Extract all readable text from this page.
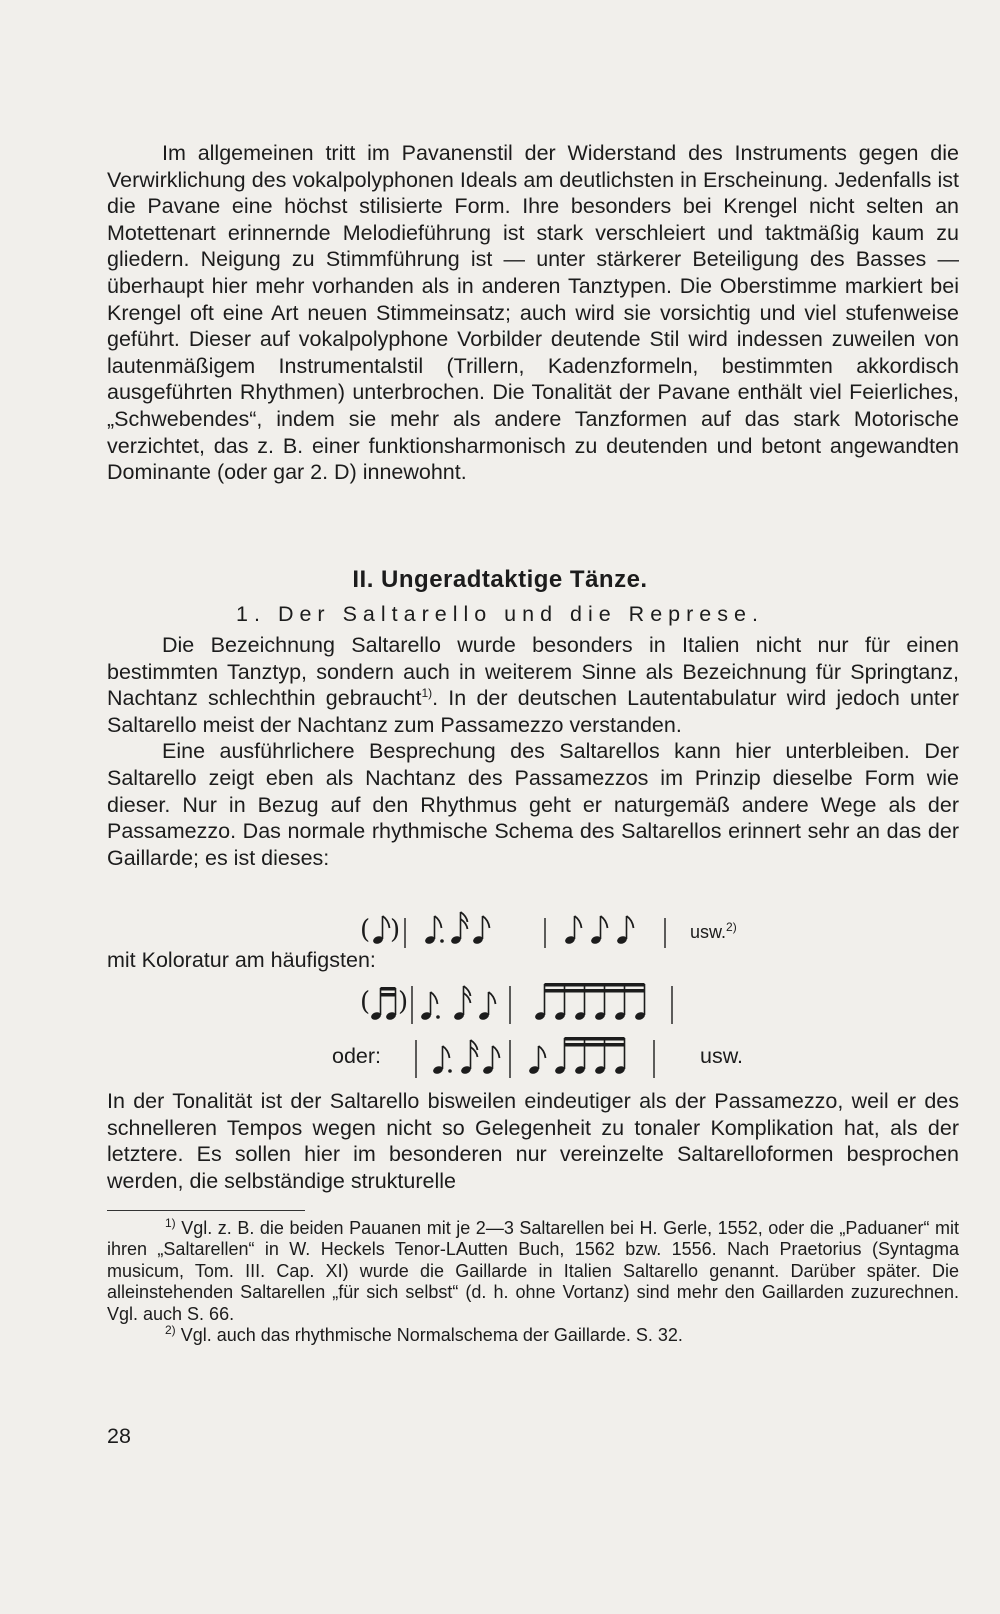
Im allgemeinen tritt im Pavanenstil der Widerstand des Instruments gegen die Verwirklichung des vokalpolyphonen Ideals am deutlichsten in Erscheinung. Jedenfalls ist die Pavane eine höchst stilisierte Form. Ihre besonders bei Krengel nicht selten an Motettenart erinnernde Melodieführung ist stark verschleiert und taktmäßig kaum zu gliedern. Neigung zu Stimmführung ist — unter stärkerer Beteiligung des Basses — überhaupt hier mehr vorhanden als in anderen Tanztypen. Die Oberstimme markiert bei Krengel oft eine Art neuen Stimmeinsatz; auch wird sie vorsichtig und viel stufenweise geführt. Dieser auf vokalpolyphone Vorbilder deutende Stil wird indessen zuweilen von lautenmäßigem Instrumentalstil (Trillern, Kadenzformeln, bestimmten akkordisch ausgeführten Rhythmen) unterbrochen. Die Tonalität der Pavane enthält viel Feierliches, „Schwebendes“, indem sie mehr als andere Tanzformen auf das stark Motorische verzichtet, das z. B. einer funktionsharmonisch zu deutenden und betont angewandten Dominante (oder gar 2. D) innewohnt.

II. Ungeradtaktige Tänze.
1. Der Saltarello und die Represe.

Die Bezeichnung Saltarello wurde besonders in Italien nicht nur für einen bestimmten Tanztyp, sondern auch in weiterem Sinne als Bezeichnung für Springtanz, Nachtanz schlechthin gebraucht$^{1)}$. In der deutschen Lautentabulatur wird jedoch unter Saltarello meist der Nachtanz zum Passamezzo verstanden.

Eine ausführlichere Besprechung des Saltarellos kann hier unterbleiben. Der Saltarello zeigt eben als Nachtanz des Passamezzos im Prinzip dieselbe Form wie dieser. Nur in Bezug auf den Rhythmus geht er naturgemäß andere Wege als der Passamezzo. Das normale rhythmische Schema des Saltarellos erinnert sehr an das der Gaillarde; es ist dieses:

( )	usw.$^{2)}$
mit Koloratur am häufigsten:
( )
oder:	usw.

In der Tonalität ist der Saltarello bisweilen eindeutiger als der Passamezzo, weil er des schnelleren Tempos wegen nicht so Gelegenheit zu tonaler Komplikation hat, als der letztere. Es sollen hier im besonderen nur vereinzelte Saltarelloformen besprochen werden, die selbständige strukturelle

$^{1)}$ Vgl. z. B. die beiden Pauanen mit je 2—3 Saltarellen bei H. Gerle, 1552, oder die „Paduaner“ mit ihren „Saltarellen“ in W. Heckels Tenor-LAutten Buch, 1562 bzw. 1556. Nach Praetorius (Syntagma musicum, Tom. III. Cap. XI) wurde die Gaillarde in Italien Saltarello genannt. Darüber später. Die alleinstehenden Saltarellen „für sich selbst“ (d. h. ohne Vortanz) sind mehr den Gaillarden zuzurechnen. Vgl. auch S. 66.

$^{2)}$ Vgl. auch das rhythmische Normalschema der Gaillarde. S. 32.

28
